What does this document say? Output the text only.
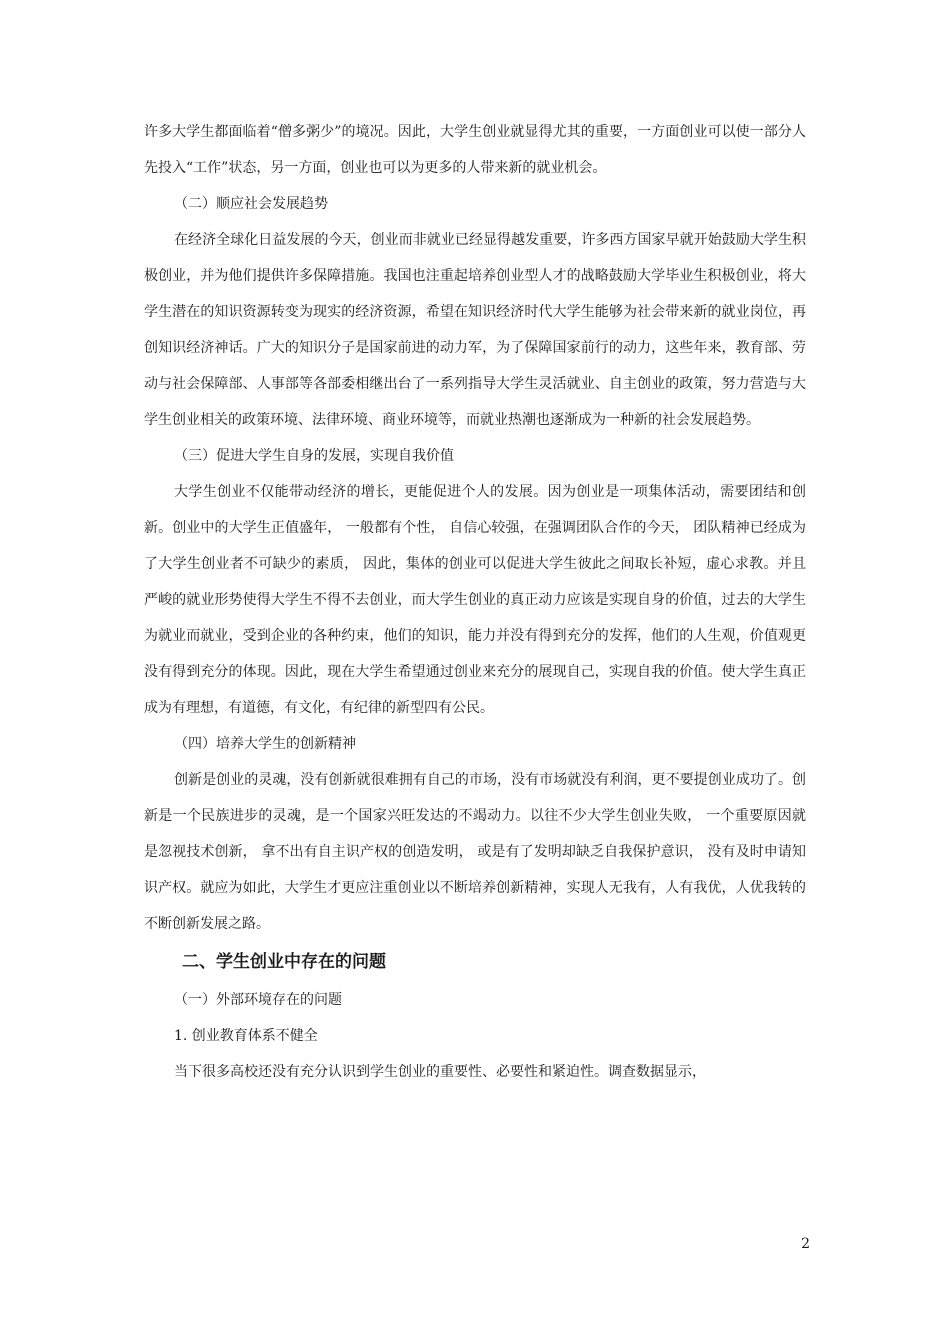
许多大学生都面临着“僧多粥少”的境况。因此，大学生创业就显得尤其的重要，一方面创业可以使一部分人先投入“工作”状态，另一方面，创业也可以为更多的人带来新的就业机会。

（二）顺应社会发展趋势

在经济全球化日益发展的今天，创业而非就业已经显得越发重要，许多西方国家早就开始鼓励大学生积极创业，并为他们提供许多保障措施。我国也注重起培养创业型人才的战略鼓励大学毕业生积极创业，将大学生潜在的知识资源转变为现实的经济资源，希望在知识经济时代大学生能够为社会带来新的就业岗位，再创知识经济神话。广大的知识分子是国家前进的动力军，为了保障国家前行的动力，这些年来，教育部、劳动与社会保障部、人事部等各部委相继出台了一系列指导大学生灵活就业、自主创业的政策，努力营造与大学生创业相关的政策环境、法律环境、商业环境等，而就业热潮也逐渐成为一种新的社会发展趋势。

（三）促进大学生自身的发展，实现自我价值

大学生创业不仅能带动经济的增长，更能促进个人的发展。因为创业是一项集体活动，需要团结和创新。创业中的大学生正值盛年， 一般都有个性， 自信心较强，在强调团队合作的今天， 团队精神已经成为了大学生创业者不可缺少的素质， 因此，集体的创业可以促进大学生彼此之间取长补短，虚心求教。并且严峻的就业形势使得大学生不得不去创业，而大学生创业的真正动力应该是实现自身的价值，过去的大学生为就业而就业，受到企业的各种约束，他们的知识，能力并没有得到充分的发挥，他们的人生观，价值观更没有得到充分的体现。因此，现在大学生希望通过创业来充分的展现自己，实现自我的价值。使大学生真正成为有理想，有道德，有文化，有纪律的新型四有公民。

（四）培养大学生的创新精神

创新是创业的灵魂，没有创新就很难拥有自己的市场，没有市场就没有利润，更不要提创业成功了。创新是一个民族进步的灵魂，是一个国家兴旺发达的不竭动力。以往不少大学生创业失败， 一个重要原因就是忽视技术创新， 拿不出有自主识产权的创造发明， 或是有了发明却缺乏自我保护意识， 没有及时申请知识产权。就应为如此，大学生才更应注重创业以不断培养创新精神，实现人无我有，人有我优，人优我转的不断创新发展之路。

二、学生创业中存在的问题

（一）外部环境存在的问题

1. 创业教育体系不健全

当下很多高校还没有充分认识到学生创业的重要性、必要性和紧迫性。调查数据显示，

2
